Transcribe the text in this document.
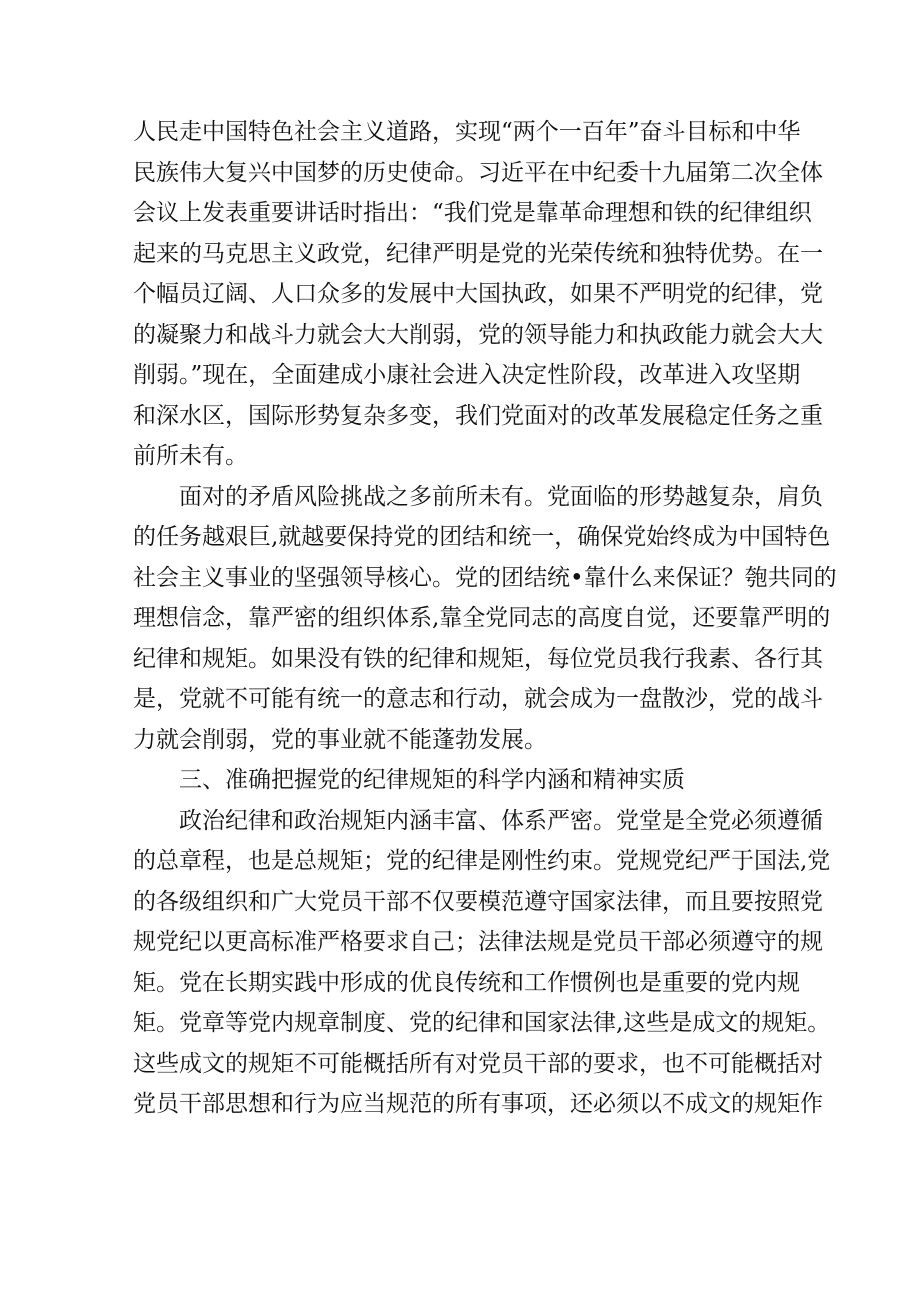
人民走中国特色社会主义道路，实现“两个一百年”奋斗目标和中华
民族伟大复兴中国梦的历史使命。习近平在中纪委十九届第二次全体
会议上发表重要讲话时指出：“我们党是靠革命理想和铁的纪律组织
起来的马克思主义政党，纪律严明是党的光荣传统和独特优势。在一
个幅员辽阔、人口众多的发展中大国执政，如果不严明党的纪律，党
的凝聚力和战斗力就会大大削弱，党的领导能力和执政能力就会大大
削弱。”现在，全面建成小康社会进入决定性阶段，改革进入攻坚期
和深水区，国际形势复杂多变，我们党面对的改革发展稳定任务之重
前所未有。
面对的矛盾风险挑战之多前所未有。党面临的形势越复杂，肩负
的任务越艰巨,就越要保持党的团结和统一，确保党始终成为中国特色
社会主义事业的坚强领导核心。党的团结统•靠什么来保证？匏共同的
理想信念，靠严密的组织体系,靠全党同志的高度自觉，还要靠严明的
纪律和规矩。如果没有铁的纪律和规矩，每位党员我行我素、各行其
是，党就不可能有统一的意志和行动，就会成为一盘散沙，党的战斗
力就会削弱，党的事业就不能蓬勃发展。
三、准确把握党的纪律规矩的科学内涵和精神实质
政治纪律和政治规矩内涵丰富、体系严密。党堂是全党必须遵循
的总章程，也是总规矩；党的纪律是刚性约束。党规党纪严于国法,党
的各级组织和广大党员干部不仅要模范遵守国家法律，而且要按照党
规党纪以更高标准严格要求自己；法律法规是党员干部必须遵守的规
矩。党在长期实践中形成的优良传统和工作惯例也是重要的党内规
矩。党章等党内规章制度、党的纪律和国家法律,这些是成文的规矩。
这些成文的规矩不可能概括所有对党员干部的要求，也不可能概括对
党员干部思想和行为应当规范的所有事项，还必须以不成文的规矩作
